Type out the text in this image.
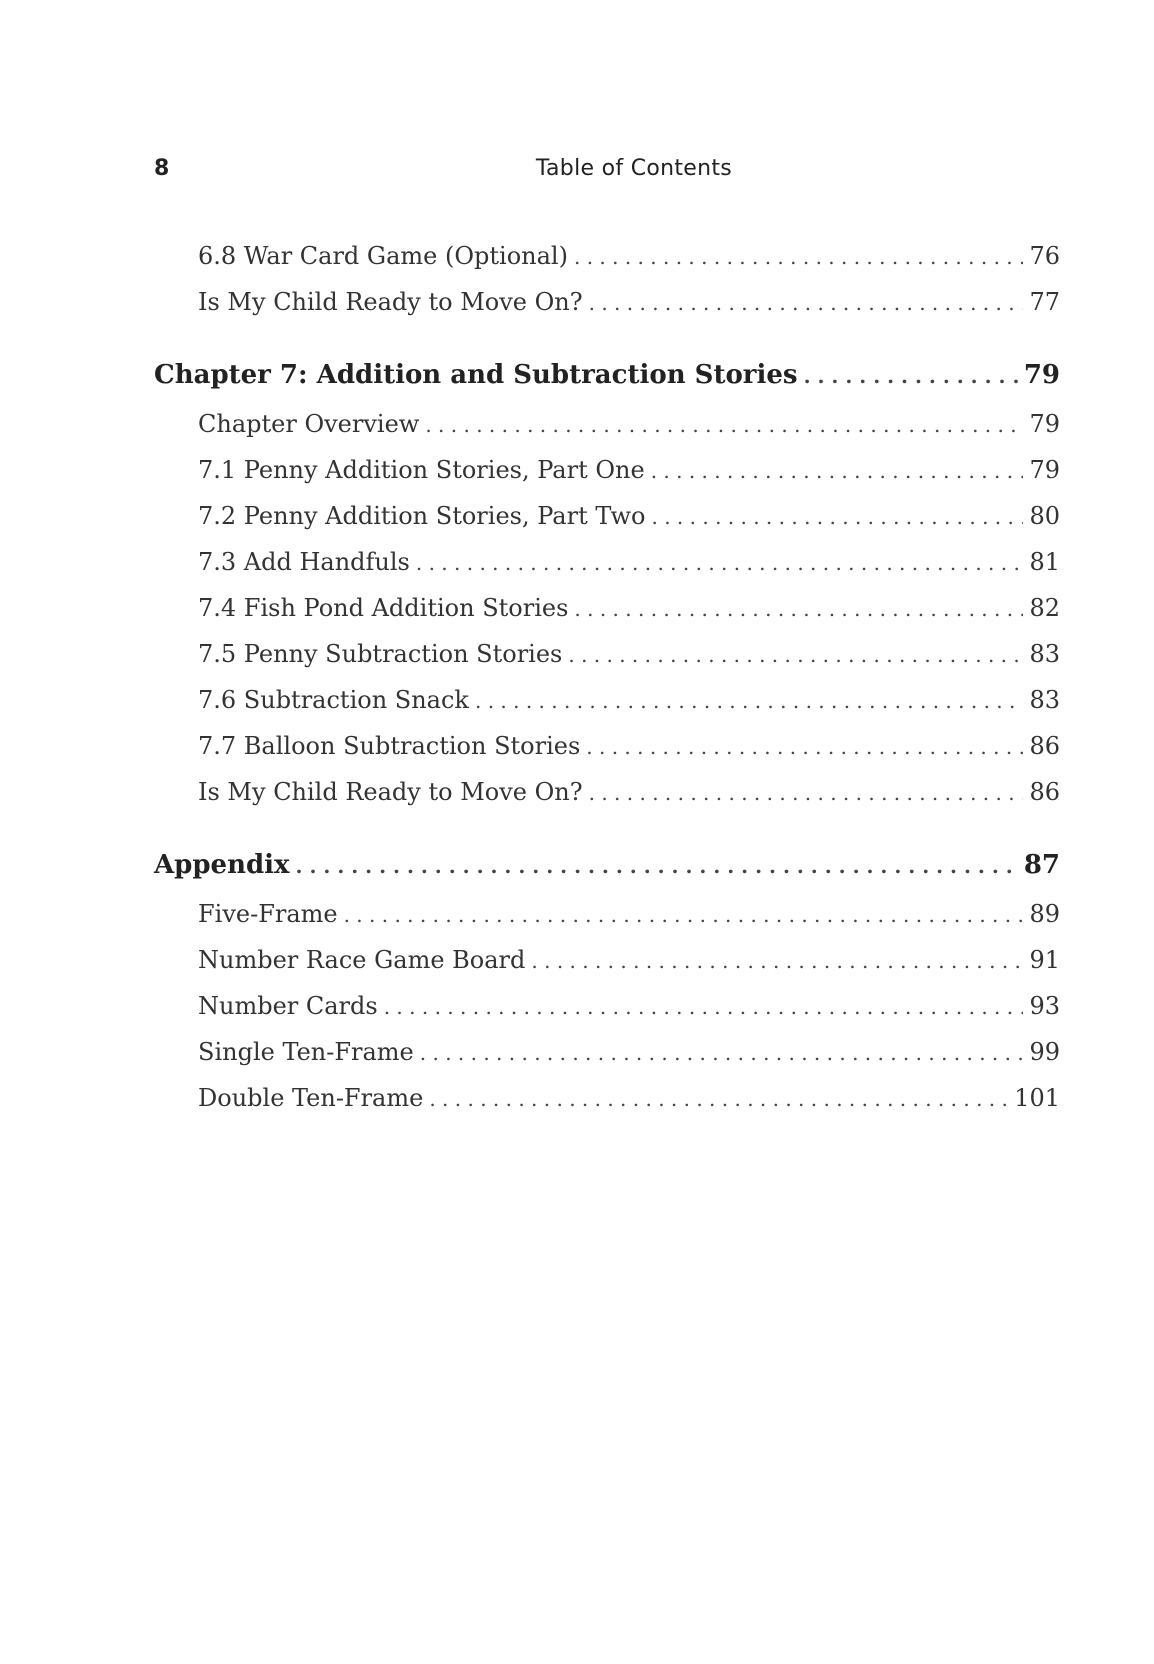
8	Table of Contents
6.8 War Card Game (Optional) . . .	76
Is My Child Ready to Move On? . . .	77
Chapter 7: Addition and Subtraction Stories . . .	79
Chapter Overview . . .	79
7.1 Penny Addition Stories, Part One . . .	79
7.2 Penny Addition Stories, Part Two . . .	80
7.3 Add Handfuls . . .	81
7.4 Fish Pond Addition Stories . . .	82
7.5 Penny Subtraction Stories . . .	83
7.6 Subtraction Snack . . .	83
7.7 Balloon Subtraction Stories . . .	86
Is My Child Ready to Move On? . . .	86
Appendix . . .	87
Five-Frame . . .	89
Number Race Game Board . . .	91
Number Cards . . .	93
Single Ten-Frame . . .	99
Double Ten-Frame . . .	101
